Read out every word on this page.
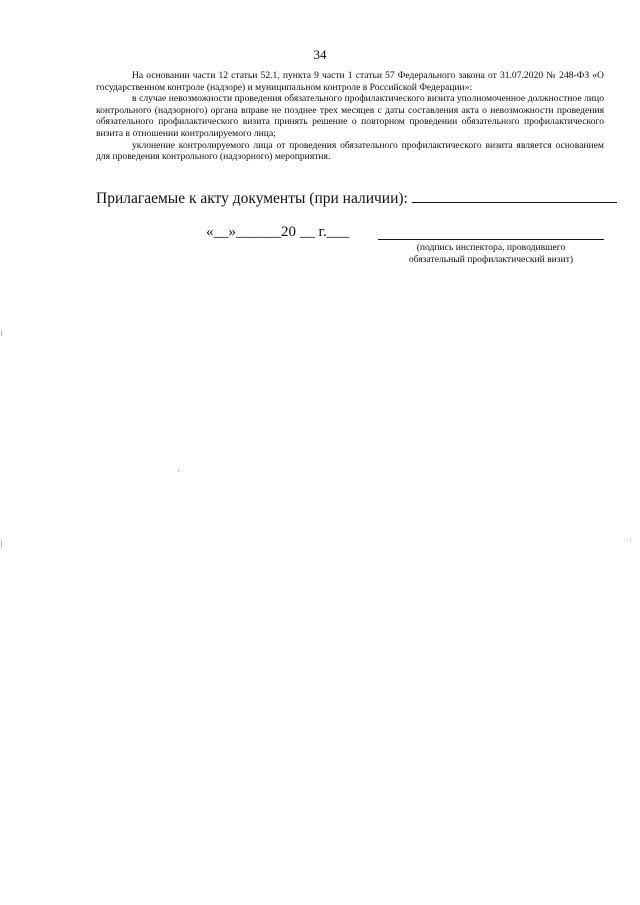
34

На основании части 12 статьи 52.1, пункта 9 части 1 статьи 57 Федерального закона от 31.07.2020 № 248-ФЗ «О государственном контроле (надзоре) и муниципальном контроле в Российской Федерации»:

в случае невозможности проведения обязательного профилактического визита уполномоченное должностное лицо контрольного (надзорного) органа вправе не позднее трех месяцев с даты составления акта о невозможности проведения обязательного профилактического визита принять решение о повторном проведении обязательного профилактического визита в отношении контролируемого лица;

уклонение контролируемого лица от проведения обязательного профилактического визита является основанием для проведения контрольного (надзорного) мероприятия.

Прилагаемые к акту документы (при наличии):
«__»______20 __ г.___
(подпись инспектора, проводившего
обязательный профилактический визит)
